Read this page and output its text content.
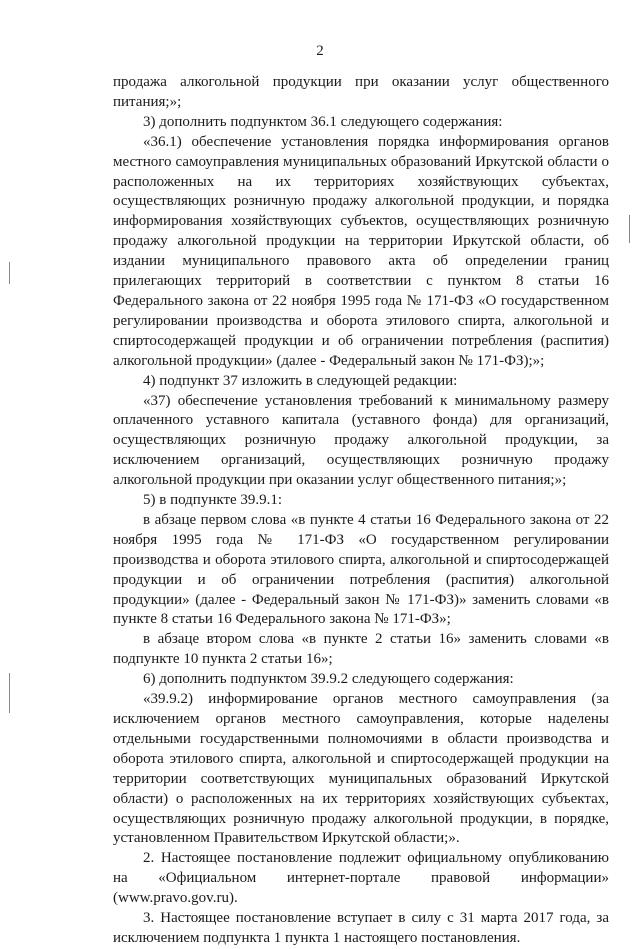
2

продажа алкогольной продукции при оказании услуг общественного питания;»;

3) дополнить подпунктом 36.1 следующего содержания:

«36.1) обеспечение установления порядка информирования органов местного самоуправления муниципальных образований Иркутской области о расположенных на их территориях хозяйствующих субъектах, осуществляющих розничную продажу алкогольной продукции, и порядка информирования хозяйствующих субъектов, осуществляющих розничную продажу алкогольной продукции на территории Иркутской области, об издании муниципального правового акта об определении границ прилегающих территорий в соответствии с пунктом 8 статьи 16 Федерального закона от 22 ноября 1995 года № 171-ФЗ «О государственном регулировании производства и оборота этилового спирта, алкогольной и спиртосодержащей продукции и об ограничении потребления (распития) алкогольной продукции» (далее - Федеральный закон № 171-ФЗ);»;

4) подпункт 37 изложить в следующей редакции:

«37) обеспечение установления требований к минимальному размеру оплаченного уставного капитала (уставного фонда) для организаций, осуществляющих розничную продажу алкогольной продукции, за исключением организаций, осуществляющих розничную продажу алкогольной продукции при оказании услуг общественного питания;»;

5) в подпункте 39.9.1:

в абзаце первом слова «в пункте 4 статьи 16 Федерального закона от 22 ноября 1995 года № 171-ФЗ «О государственном регулировании производства и оборота этилового спирта, алкогольной и спиртосодержащей продукции и об ограничении потребления (распития) алкогольной продукции» (далее - Федеральный закон № 171-ФЗ)» заменить словами «в пункте 8 статьи 16 Федерального закона № 171-ФЗ»;

в абзаце втором слова «в пункте 2 статьи 16» заменить словами «в подпункте 10 пункта 2 статьи 16»;

6) дополнить подпунктом 39.9.2 следующего содержания:

«39.9.2) информирование органов местного самоуправления (за исключением органов местного самоуправления, которые наделены отдельными государственными полномочиями в области производства и оборота этилового спирта, алкогольной и спиртосодержащей продукции на территории соответствующих муниципальных образований Иркутской области) о расположенных на их территориях хозяйствующих субъектах, осуществляющих розничную продажу алкогольной продукции, в порядке, установленном Правительством Иркутской области;».

2. Настоящее постановление подлежит официальному опубликованию на «Официальном интернет-портале правовой информации» (www.pravo.gov.ru).

3. Настоящее постановление вступает в силу с 31 марта 2017 года, за исключением подпункта 1 пункта 1 настоящего постановления.
